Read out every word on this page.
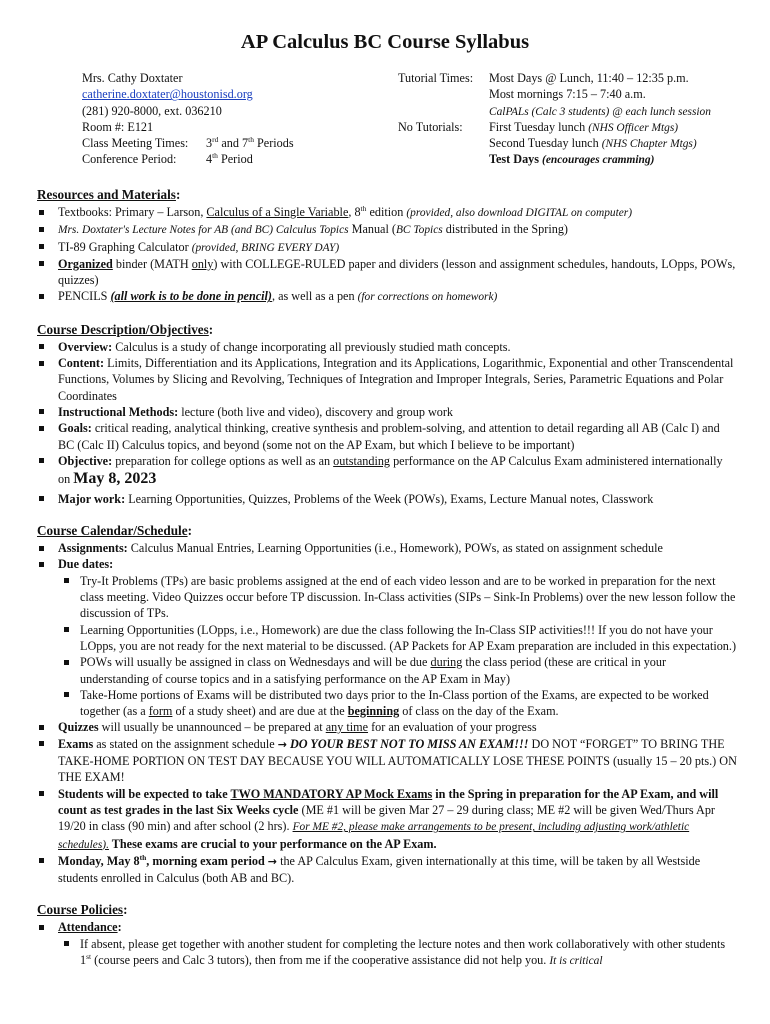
AP Calculus BC Course Syllabus
Mrs. Cathy Doxtater
catherine.doxtater@houstonisd.org
(281) 920-8000, ext. 036210
Room #: E121
Class Meeting Times: 3rd and 7th Periods
Conference Period: 4th Period
Tutorial Times: Most Days @ Lunch, 11:40 – 12:35 p.m.
Most mornings 7:15 – 7:40 a.m.
CalPALs (Calc 3 students) @ each lunch session
No Tutorials: First Tuesday lunch (NHS Officer Mtgs)
Second Tuesday lunch (NHS Chapter Mtgs)
Test Days (encourages cramming)
Resources and Materials:
Textbooks: Primary – Larson, Calculus of a Single Variable, 8th edition (provided, also download DIGITAL on computer)
Mrs. Doxtater's Lecture Notes for AB (and BC) Calculus Topics Manual (BC Topics distributed in the Spring)
TI-89 Graphing Calculator (provided, BRING EVERY DAY)
Organized binder (MATH only) with COLLEGE-RULED paper and dividers (lesson and assignment schedules, handouts, LOpps, POWs, quizzes)
PENCILS (all work is to be done in pencil), as well as a pen (for corrections on homework)
Course Description/Objectives:
Overview: Calculus is a study of change incorporating all previously studied math concepts.
Content: Limits, Differentiation and its Applications, Integration and its Applications, Logarithmic, Exponential and other Transcendental Functions, Volumes by Slicing and Revolving, Techniques of Integration and Improper Integrals, Series, Parametric Equations and Polar Coordinates
Instructional Methods: lecture (both live and video), discovery and group work
Goals: critical reading, analytical thinking, creative synthesis and problem-solving, and attention to detail regarding all AB (Calc I) and BC (Calc II) Calculus topics, and beyond (some not on the AP Exam, but which I believe to be important)
Objective: preparation for college options as well as an outstanding performance on the AP Calculus Exam administered internationally on May 8, 2023
Major work: Learning Opportunities, Quizzes, Problems of the Week (POWs), Exams, Lecture Manual notes, Classwork
Course Calendar/Schedule:
Assignments: Calculus Manual Entries, Learning Opportunities (i.e., Homework), POWs, as stated on assignment schedule
Due dates:
Try-It Problems (TPs) are basic problems assigned at the end of each video lesson and are to be worked in preparation for the next class meeting. Video Quizzes occur before TP discussion. In-Class activities (SIPs – Sink-In Problems) over the new lesson follow the discussion of TPs.
Learning Opportunities (LOpps, i.e., Homework) are due the class following the In-Class SIP activities!!! If you do not have your LOpps, you are not ready for the next material to be discussed. (AP Packets for AP Exam preparation are included in this expectation.)
POWs will usually be assigned in class on Wednesdays and will be due during the class period (these are critical in your understanding of course topics and in a satisfying performance on the AP Exam in May)
Take-Home portions of Exams will be distributed two days prior to the In-Class portion of the Exams, are expected to be worked together (as a form of a study sheet) and are due at the beginning of class on the day of the Exam.
Quizzes will usually be unannounced – be prepared at any time for an evaluation of your progress
Exams as stated on the assignment schedule → DO YOUR BEST NOT TO MISS AN EXAM!!! DO NOT “FORGET” TO BRING THE TAKE-HOME PORTION ON TEST DAY BECAUSE YOU WILL AUTOMATICALLY LOSE THESE POINTS (usually 15 – 20 pts.) ON THE EXAM!
Students will be expected to take TWO MANDATORY AP Mock Exams in the Spring in preparation for the AP Exam, and will count as test grades in the last Six Weeks cycle (ME #1 will be given Mar 27 – 29 during class; ME #2 will be given Wed/Thurs Apr 19/20 in class (90 min) and after school (2 hrs). For ME #2, please make arrangements to be present, including adjusting work/athletic schedules). These exams are crucial to your performance on the AP Exam.
Monday, May 8th, morning exam period → the AP Calculus Exam, given internationally at this time, will be taken by all Westside students enrolled in Calculus (both AB and BC).
Course Policies:
Attendance:
If absent, please get together with another student for completing the lecture notes and then work collaboratively with other students 1st (course peers and Calc 3 tutors), then from me if the cooperative assistance did not help you. It is critical
